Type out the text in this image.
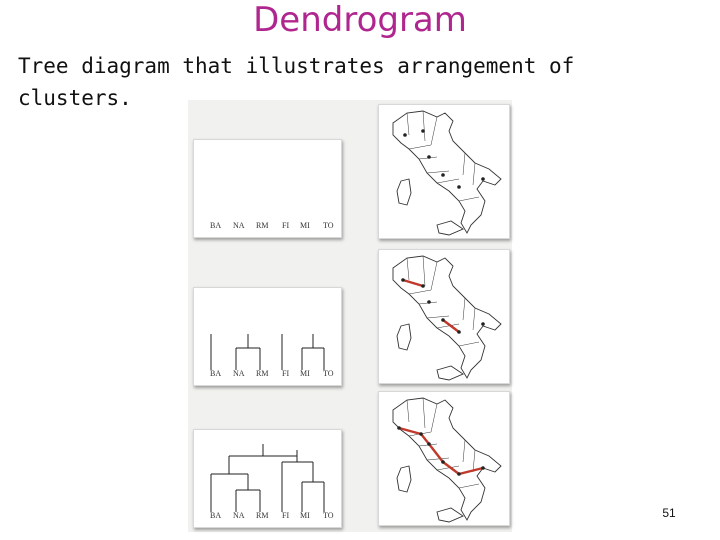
Dendrogram
Tree diagram that illustrates arrangement of clusters.
BA NA RM FI MI TO
BA NA RM FI MI TO
BA NA RM FI MI TO	51
